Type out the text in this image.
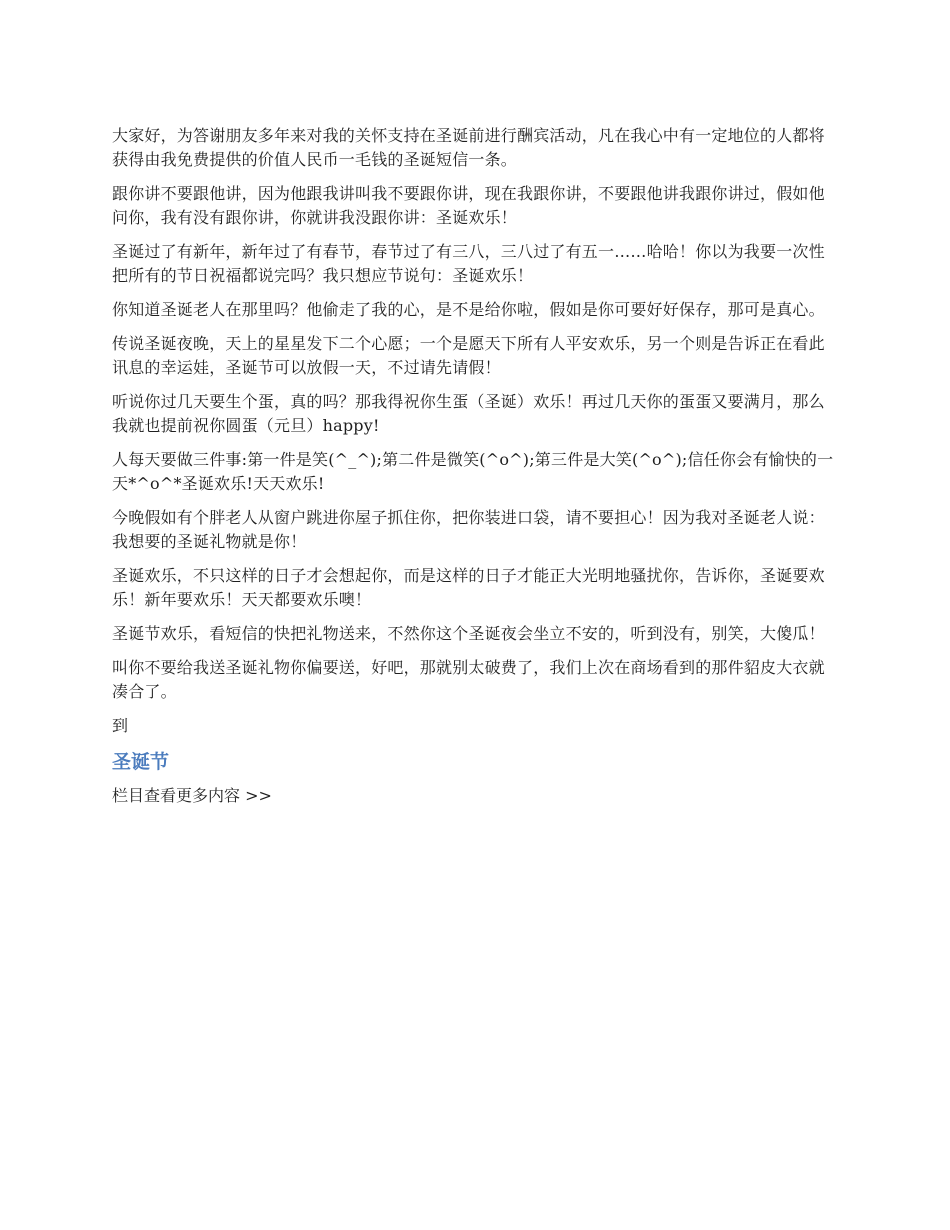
大家好，为答谢朋友多年来对我的关怀支持在圣诞前进行酬宾活动，凡在我心中有一定地位的人都将获得由我免费提供的价值人民币一毛钱的圣诞短信一条。

跟你讲不要跟他讲，因为他跟我讲叫我不要跟你讲，现在我跟你讲，不要跟他讲我跟你讲过，假如他问你，我有没有跟你讲，你就讲我没跟你讲：圣诞欢乐！

圣诞过了有新年，新年过了有春节，春节过了有三八，三八过了有五一……哈哈！你以为我要一次性把所有的节日祝福都说完吗？我只想应节说句：圣诞欢乐！

你知道圣诞老人在那里吗？他偷走了我的心，是不是给你啦，假如是你可要好好保存，那可是真心。

传说圣诞夜晚，天上的星星发下二个心愿；一个是愿天下所有人平安欢乐，另一个则是告诉正在看此讯息的幸运娃，圣诞节可以放假一天，不过请先请假！

听说你过几天要生个蛋，真的吗？那我得祝你生蛋（圣诞）欢乐！再过几天你的蛋蛋又要满月，那么我就也提前祝你圆蛋（元旦）happy!

人每天要做三件事:第一件是笑(^_^);第二件是微笑(^o^);第三件是大笑(^o^);信任你会有愉快的一天*^o^*圣诞欢乐!天天欢乐!

今晚假如有个胖老人从窗户跳进你屋子抓住你，把你装进口袋，请不要担心！因为我对圣诞老人说：我想要的圣诞礼物就是你！

圣诞欢乐，不只这样的日子才会想起你，而是这样的日子才能正大光明地骚扰你，告诉你，圣诞要欢乐！新年要欢乐！天天都要欢乐噢！

圣诞节欢乐，看短信的快把礼物送来，不然你这个圣诞夜会坐立不安的，听到没有，别笑，大傻瓜！

叫你不要给我送圣诞礼物你偏要送，好吧，那就别太破费了，我们上次在商场看到的那件貂皮大衣就凑合了。

到

圣诞节

栏目查看更多内容 >>
